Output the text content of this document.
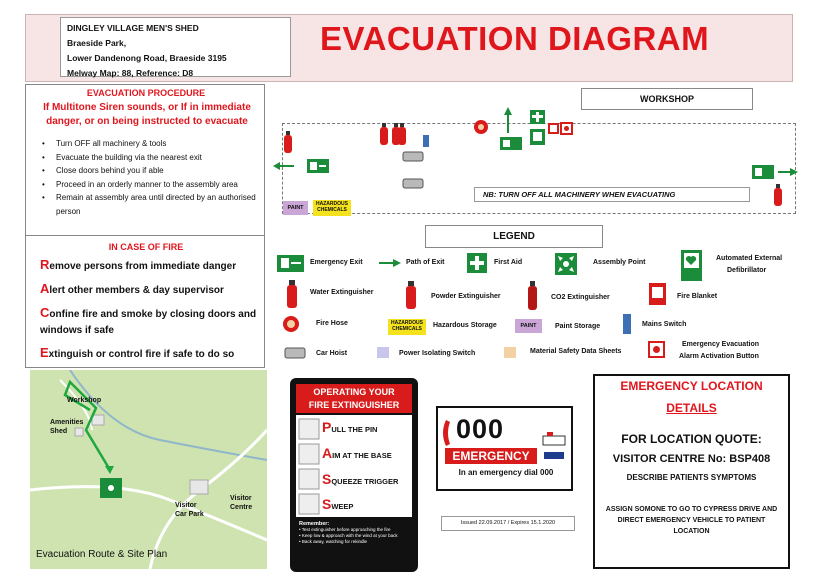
DINGLEY VILLAGE MEN'S SHED
Braeside Park,
Lower Dandenong Road, Braeside 3195
Melway Map: 88, Reference: D8
EVACUATION DIAGRAM
EVACUATION PROCEDURE
If Multitone Siren sounds, or If in immediate danger, or on being instructed to evacuate
• Turn OFF all machinery & tools
• Evacuate the building via the nearest exit
• Close doors behind you if able
• Proceed in an orderly manner to the assembly area
• Remain at assembly area until directed by an authorised person
IN CASE OF FIRE
Remove persons from immediate danger
Alert other members & day supervisor
Confine fire and smoke by closing doors and windows if safe
Extinguish or control fire if safe to do so
WORKSHOP
PAINT
HAZARDOUS
CHEMICALS
NB: TURN OFF ALL MACHINERY WHEN EVACUATING
LEGEND
Emergency Exit	Path of Exit	First Aid	Assembly Point
Automated External
Defibrillator
Water Extinguisher
Powder Extinguisher	CO2 Extinguisher	Fire Blanket
Fire Hose	HAZARDOUS
CHEMICALS	Hazardous Storage	PAINT	Paint Storage	Mains Switch
Emergency Evacuation
Alarm Activation Button
Car Hoist	Power Isolating Switch	Material Safety Data Sheets
Workshop
Amenities
Shed
Visitor
Car Park
Visitor
Centre
Evacuation Route & Site Plan
OPERATING YOUR
FIRE EXTINGUISHER
PULL THE PIN
AIM AT THE BASE
SQUEEZE TRIGGER
SWEEP
Remember:
• Test extinguisher before approaching the fire
• Keep low & approach with the wind at your back
• Back away, watching for rekindle
000
EMERGENCY
In an emergency dial 000
Issued 22.09.2017 / Expires 15.1.2020
EMERGENCY LOCATION
DETAILS
FOR LOCATION QUOTE:
VISITOR CENTRE No: BSP408
DESCRIBE PATIENTS SYMPTOMS
ASSIGN SOMONE TO GO TO CYPRESS DRIVE AND DIRECT EMERGENCY VEHICLE TO PATIENT LOCATION
